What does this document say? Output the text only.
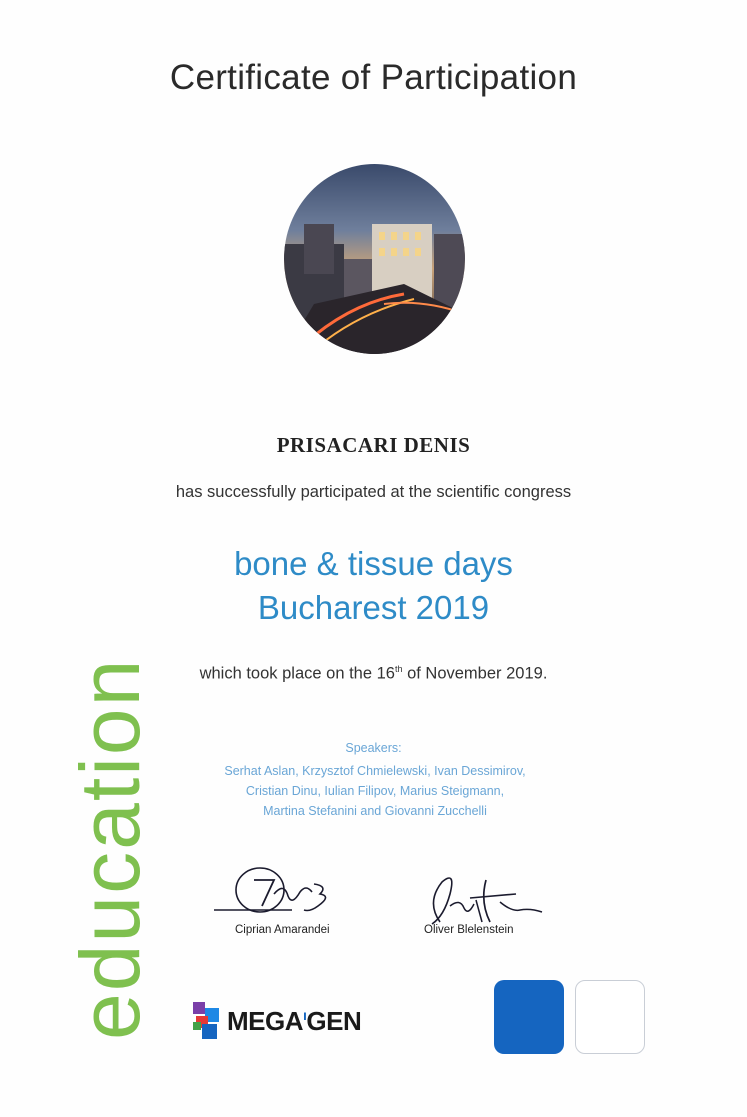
Certificate of Participation
PRISACARI DENIS
has successfully participated at the scientific congress
bone & tissue days
Bucharest 2019
which took place on the 16th of November 2019.
Speakers:
Serhat Aslan, Krzysztof Chmielewski, Ivan Dessimirov,
Cristian Dinu, Iulian Filipov, Marius Steigmann,
Martina Stefanini and Giovanni Zucchelli
education	Ciprian Amarandei	Oliver Blelenstein
$MEGA^ıGEN$
